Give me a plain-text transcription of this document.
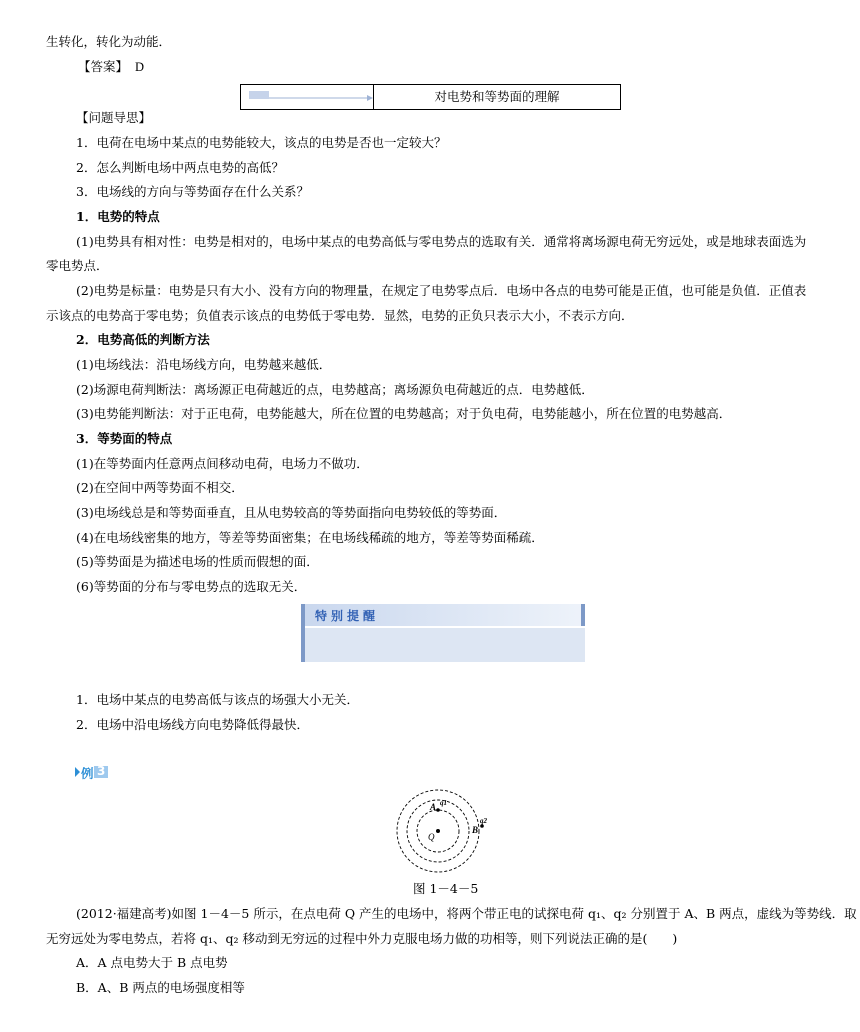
生转化，转化为动能．
【答案】 D
对电势和等势面的理解
【问题导思】
1．电荷在电场中某点的电势能较大，该点的电势是否也一定较大？
2．怎么判断电场中两点电势的高低？
3．电场线的方向与等势面存在什么关系？
1．电势的特点
(1)电势具有相对性：电势是相对的，电场中某点的电势高低与零电势点的选取有关．通常将离场源电荷无穷远处，或是地球表面选为
零电势点．
(2)电势是标量：电势是只有大小、没有方向的物理量，在规定了电势零点后．电场中各点的电势可能是正值，也可能是负值．正值表
示该点的电势高于零电势；负值表示该点的电势低于零电势．显然，电势的正负只表示大小，不表示方向．
2．电势高低的判断方法
(1)电场线法：沿电场线方向，电势越来越低．
(2)场源电荷判断法：离场源正电荷越近的点，电势越高；离场源负电荷越近的点．电势越低．
(3)电势能判断法：对于正电荷，电势能越大，所在位置的电势越高；对于负电荷，电势能越小，所在位置的电势越高．
3．等势面的特点
(1)在等势面内任意两点间移动电荷，电场力不做功．
(2)在空间中两等势面不相交．
(3)电场线总是和等势面垂直，且从电势较高的等势面指向电势较低的等势面．
(4)在电场线密集的地方，等差等势面密集；在电场线稀疏的地方，等差等势面稀疏．
(5)等势面是为描述电场的性质而假想的面．
(6)等势面的分布与零电势点的选取无关．
特别提醒
1．电场中某点的电势高低与该点的场强大小无关．
2．电场中沿电场线方向电势降低得最快．
例 3
A q1
Q
B
q2
图 1－4－5
(2012·福建高考)如图 1－4－5 所示，在点电荷 Q 产生的电场中，将两个带正电的试探电荷 q₁、q₂ 分别置于 A、B 两点，虚线为等势线．取
无穷远处为零电势点，若将 q₁、q₂ 移动到无穷远的过程中外力克服电场力做的功相等，则下列说法正确的是(　　)
A．A 点电势大于 B 点电势
B．A、B 两点的电场强度相等
